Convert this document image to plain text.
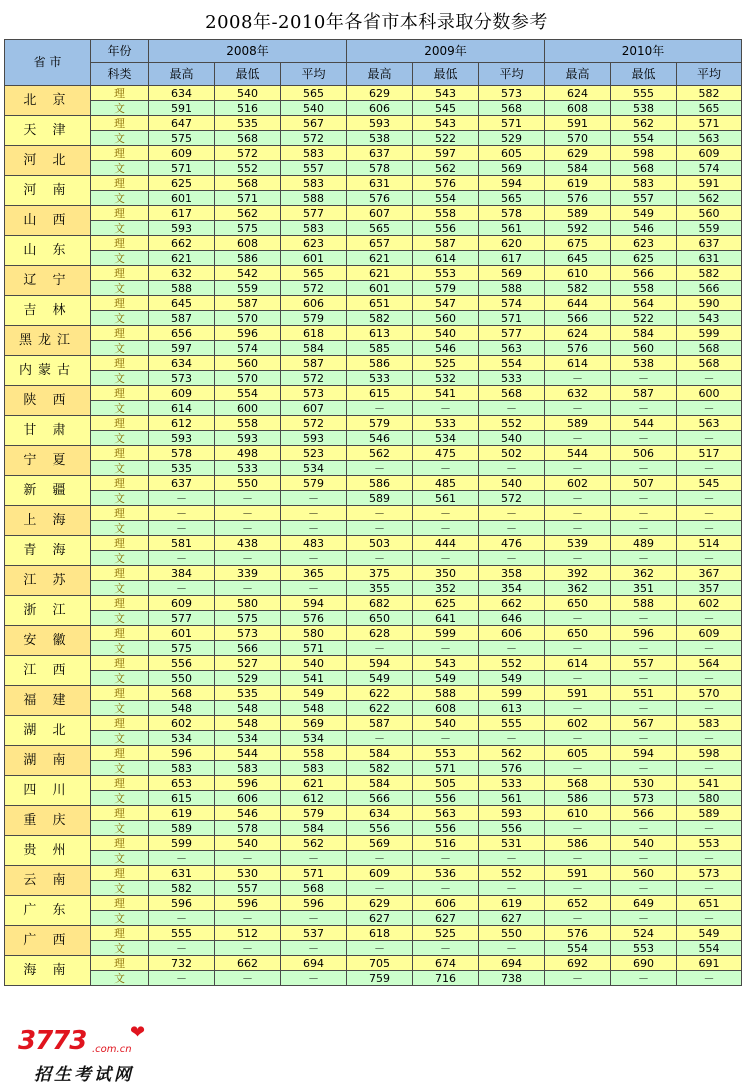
2008年-2010年各省市本科录取分数参考
省 市	年份	2008年			2009年			2010年		
	科类	最高	最低	平均	最高	最低	平均	最高	最低	平均
北 京	理	634	540	565	629	543	573	624	555	582
	文	591	516	540	606	545	568	608	538	565
天 津	理	647	535	567	593	543	571	591	562	571
	文	575	568	572	538	522	529	570	554	563
河 北	理	609	572	583	637	597	605	629	598	609
	文	571	552	557	578	562	569	584	568	574
河 南	理	625	568	583	631	576	594	619	583	591
	文	601	571	588	576	554	565	576	557	562
山 西	理	617	562	577	607	558	578	589	549	560
	文	593	575	583	565	556	561	592	546	559
山 东	理	662	608	623	657	587	620	675	623	637
	文	621	586	601	621	614	617	645	625	631
辽 宁	理	632	542	565	621	553	569	610	566	582
	文	588	559	572	601	579	588	582	558	566
吉 林	理	645	587	606	651	547	574	644	564	590
	文	587	570	579	582	560	571	566	522	543
黑龙江	理	656	596	618	613	540	577	624	584	599
	文	597	574	584	585	546	563	576	560	568
内蒙古	理	634	560	587	586	525	554	614	538	568
	文	573	570	572	533	532	533	－	－	－
陕 西	理	609	554	573	615	541	568	632	587	600
	文	614	600	607	－	－	－	－	－	－
甘 肃	理	612	558	572	579	533	552	589	544	563
	文	593	593	593	546	534	540	－	－	－
宁 夏	理	578	498	523	562	475	502	544	506	517
	文	535	533	534	－	－	－	－	－	－
新 疆	理	637	550	579	586	485	540	602	507	545
	文	－	－	－	589	561	572	－	－	－
上 海	理	－	－	－	－	－	－	－	－	－
	文	－	－	－	－	－	－	－	－	－
青 海	理	581	438	483	503	444	476	539	489	514
	文	－	－	－	－	－	－	－	－	－
江 苏	理	384	339	365	375	350	358	392	362	367
	文	－	－	－	355	352	354	362	351	357
浙 江	理	609	580	594	682	625	662	650	588	602
	文	577	575	576	650	641	646	－	－	－
安 徽	理	601	573	580	628	599	606	650	596	609
	文	575	566	571	－	－	－	－	－	－
江 西	理	556	527	540	594	543	552	614	557	564
	文	550	529	541	549	549	549	－	－	－
福 建	理	568	535	549	622	588	599	591	551	570
	文	548	548	548	622	608	613	－	－	－
湖 北	理	602	548	569	587	540	555	602	567	583
	文	534	534	534	－	－	－	－	－	－
湖 南	理	596	544	558	584	553	562	605	594	598
	文	583	583	583	582	571	576	－	－	－
四 川	理	653	596	621	584	505	533	568	530	541
	文	615	606	612	566	556	561	586	573	580
重 庆	理	619	546	579	634	563	593	610	566	589
	文	589	578	584	556	556	556	－	－	－
贵 州	理	599	540	562	569	516	531	586	540	553
	文	－	－	－	－	－	－	－	－	－
云 南	理	631	530	571	609	536	552	591	560	573
	文	582	557	568	－	－	－	－	－	－
广 东	理	596	596	596	629	606	619	652	649	651
	文	－	－	－	627	627	627	－	－	－
广 西	理	555	512	537	618	525	550	576	524	549
	文	－	－	－	－	－	－	554	553	554
海 南	理	732	662	694	705	674	694	692	690	691
	文	－	－	－	759	716	738	－	－	－
3773 ❤
.com.cn
招生考试网
